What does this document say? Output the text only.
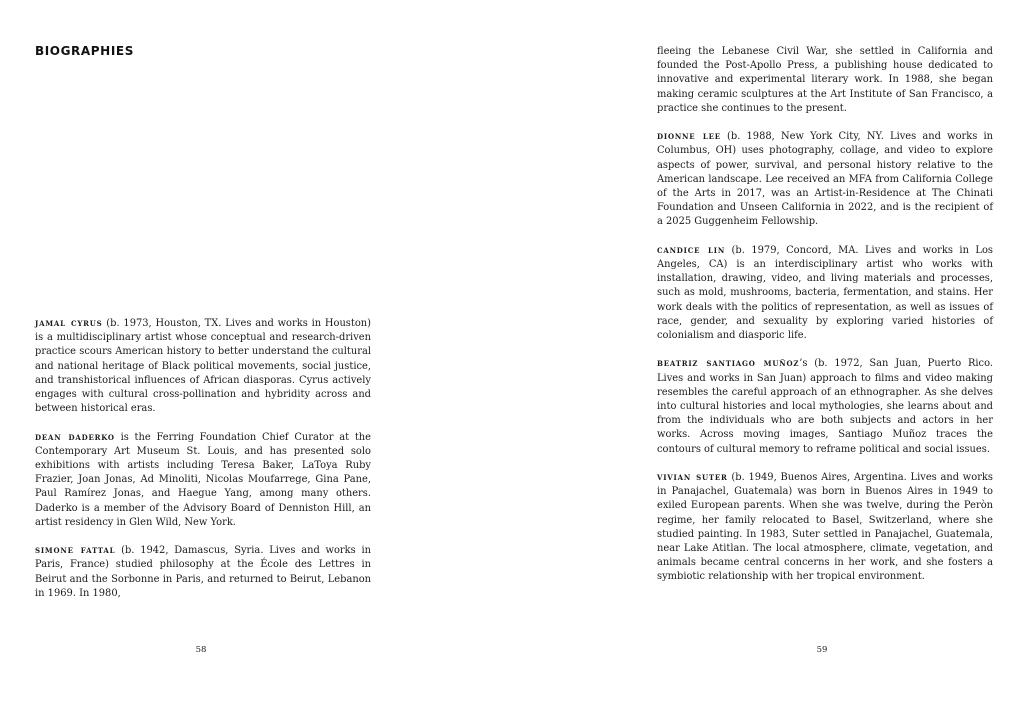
BIOGRAPHIES

jamal cyrus (b. 1973, Houston, TX. Lives and works in Houston) is a multidisciplinary artist whose conceptual and research-driven practice scours American history to better understand the cultural and national heritage of Black political movements, social justice, and transhistorical influences of African diasporas. Cyrus actively engages with cultural cross-pollination and hybridity across and between historical eras.

dean daderko is the Ferring Foundation Chief Curator at the Contemporary Art Museum St. Louis, and has presented solo exhibitions with artists including Teresa Baker, LaToya Ruby Frazier, Joan Jonas, Ad Minoliti, Nicolas Moufarrege, Gina Pane, Paul Ramírez Jonas, and Haegue Yang, among many others. Daderko is a member of the Advisory Board of Denniston Hill, an artist residency in Glen Wild, New York.

simone fattal (b. 1942, Damascus, Syria. Lives and works in Paris, France) studied philosophy at the École des Lettres in Beirut and the Sorbonne in Paris, and returned to Beirut, Lebanon in 1969. In 1980,

58

fleeing the Lebanese Civil War, she settled in California and founded the Post-Apollo Press, a publishing house dedicated to innovative and experimental literary work. In 1988, she began making ceramic sculptures at the Art Institute of San Francisco, a practice she continues to the present.

dionne lee (b. 1988, New York City, NY. Lives and works in Columbus, OH) uses photography, collage, and video to explore aspects of power, survival, and personal history relative to the American landscape. Lee received an MFA from California College of the Arts in 2017, was an Artist-in-Residence at The Chinati Foundation and Unseen California in 2022, and is the recipient of a 2025 Guggenheim Fellowship.

candice lin (b. 1979, Concord, MA. Lives and works in Los Angeles, CA) is an interdisciplinary artist who works with installation, drawing, video, and living materials and processes, such as mold, mushrooms, bacteria, fermentation, and stains. Her work deals with the politics of representation, as well as issues of race, gender, and sexuality by exploring varied histories of colonialism and diasporic life.

beatriz santiago muñoz’s (b. 1972, San Juan, Puerto Rico. Lives and works in San Juan) approach to films and video making resembles the careful approach of an ethnographer. As she delves into cultural histories and local mythologies, she learns about and from the individuals who are both subjects and actors in her works. Across moving images, Santiago Muñoz traces the contours of cultural memory to reframe political and social issues.

vivian suter (b. 1949, Buenos Aires, Argentina. Lives and works in Panajachel, Guatemala) was born in Buenos Aires in 1949 to exiled European parents. When she was twelve, during the Peròn regime, her family relocated to Basel, Switzerland, where she studied painting. In 1983, Suter settled in Panajachel, Guatemala, near Lake Atitlan. The local atmosphere, climate, vegetation, and animals became central concerns in her work, and she fosters a symbiotic relationship with her tropical environment.

59
